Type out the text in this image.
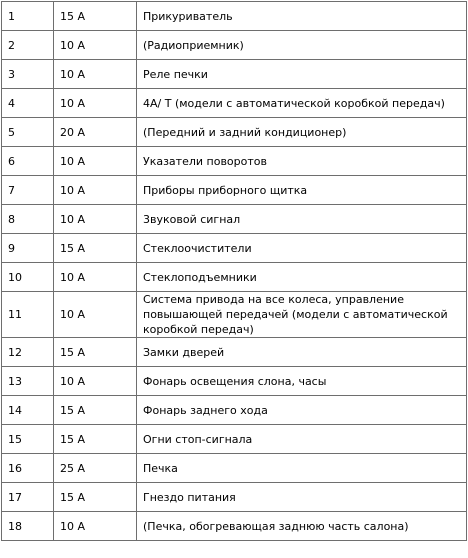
1	15 A	Прикуриватель
2	10 A	(Радиоприемник)
3	10 A	Реле печки
4	10 A	4A/ T (модели с автоматической коробкой передач)
5	20 A	(Передний и задний кондиционер)
6	10 A	Указатели поворотов
7	10 A	Приборы приборного щитка
8	10 A	3вуковой сигнал
9	15 A	Стеклоочистители
10	10 A	Стеклоподъемники
11	10 A	Система привода на все колеса, управление повышающей передачей (модели с автоматической коробкой передач)
12	15 A	Замки дверей
13	10 A	Фонарь освещения слона, часы
14	15 A	Фонарь заднего хода
15	15 A	Огни стоп-сигнала
16	25 A	Печка
17	15 A	Гнездо питания
18	10 A	(Печка, обогревающая заднюю часть салона)
